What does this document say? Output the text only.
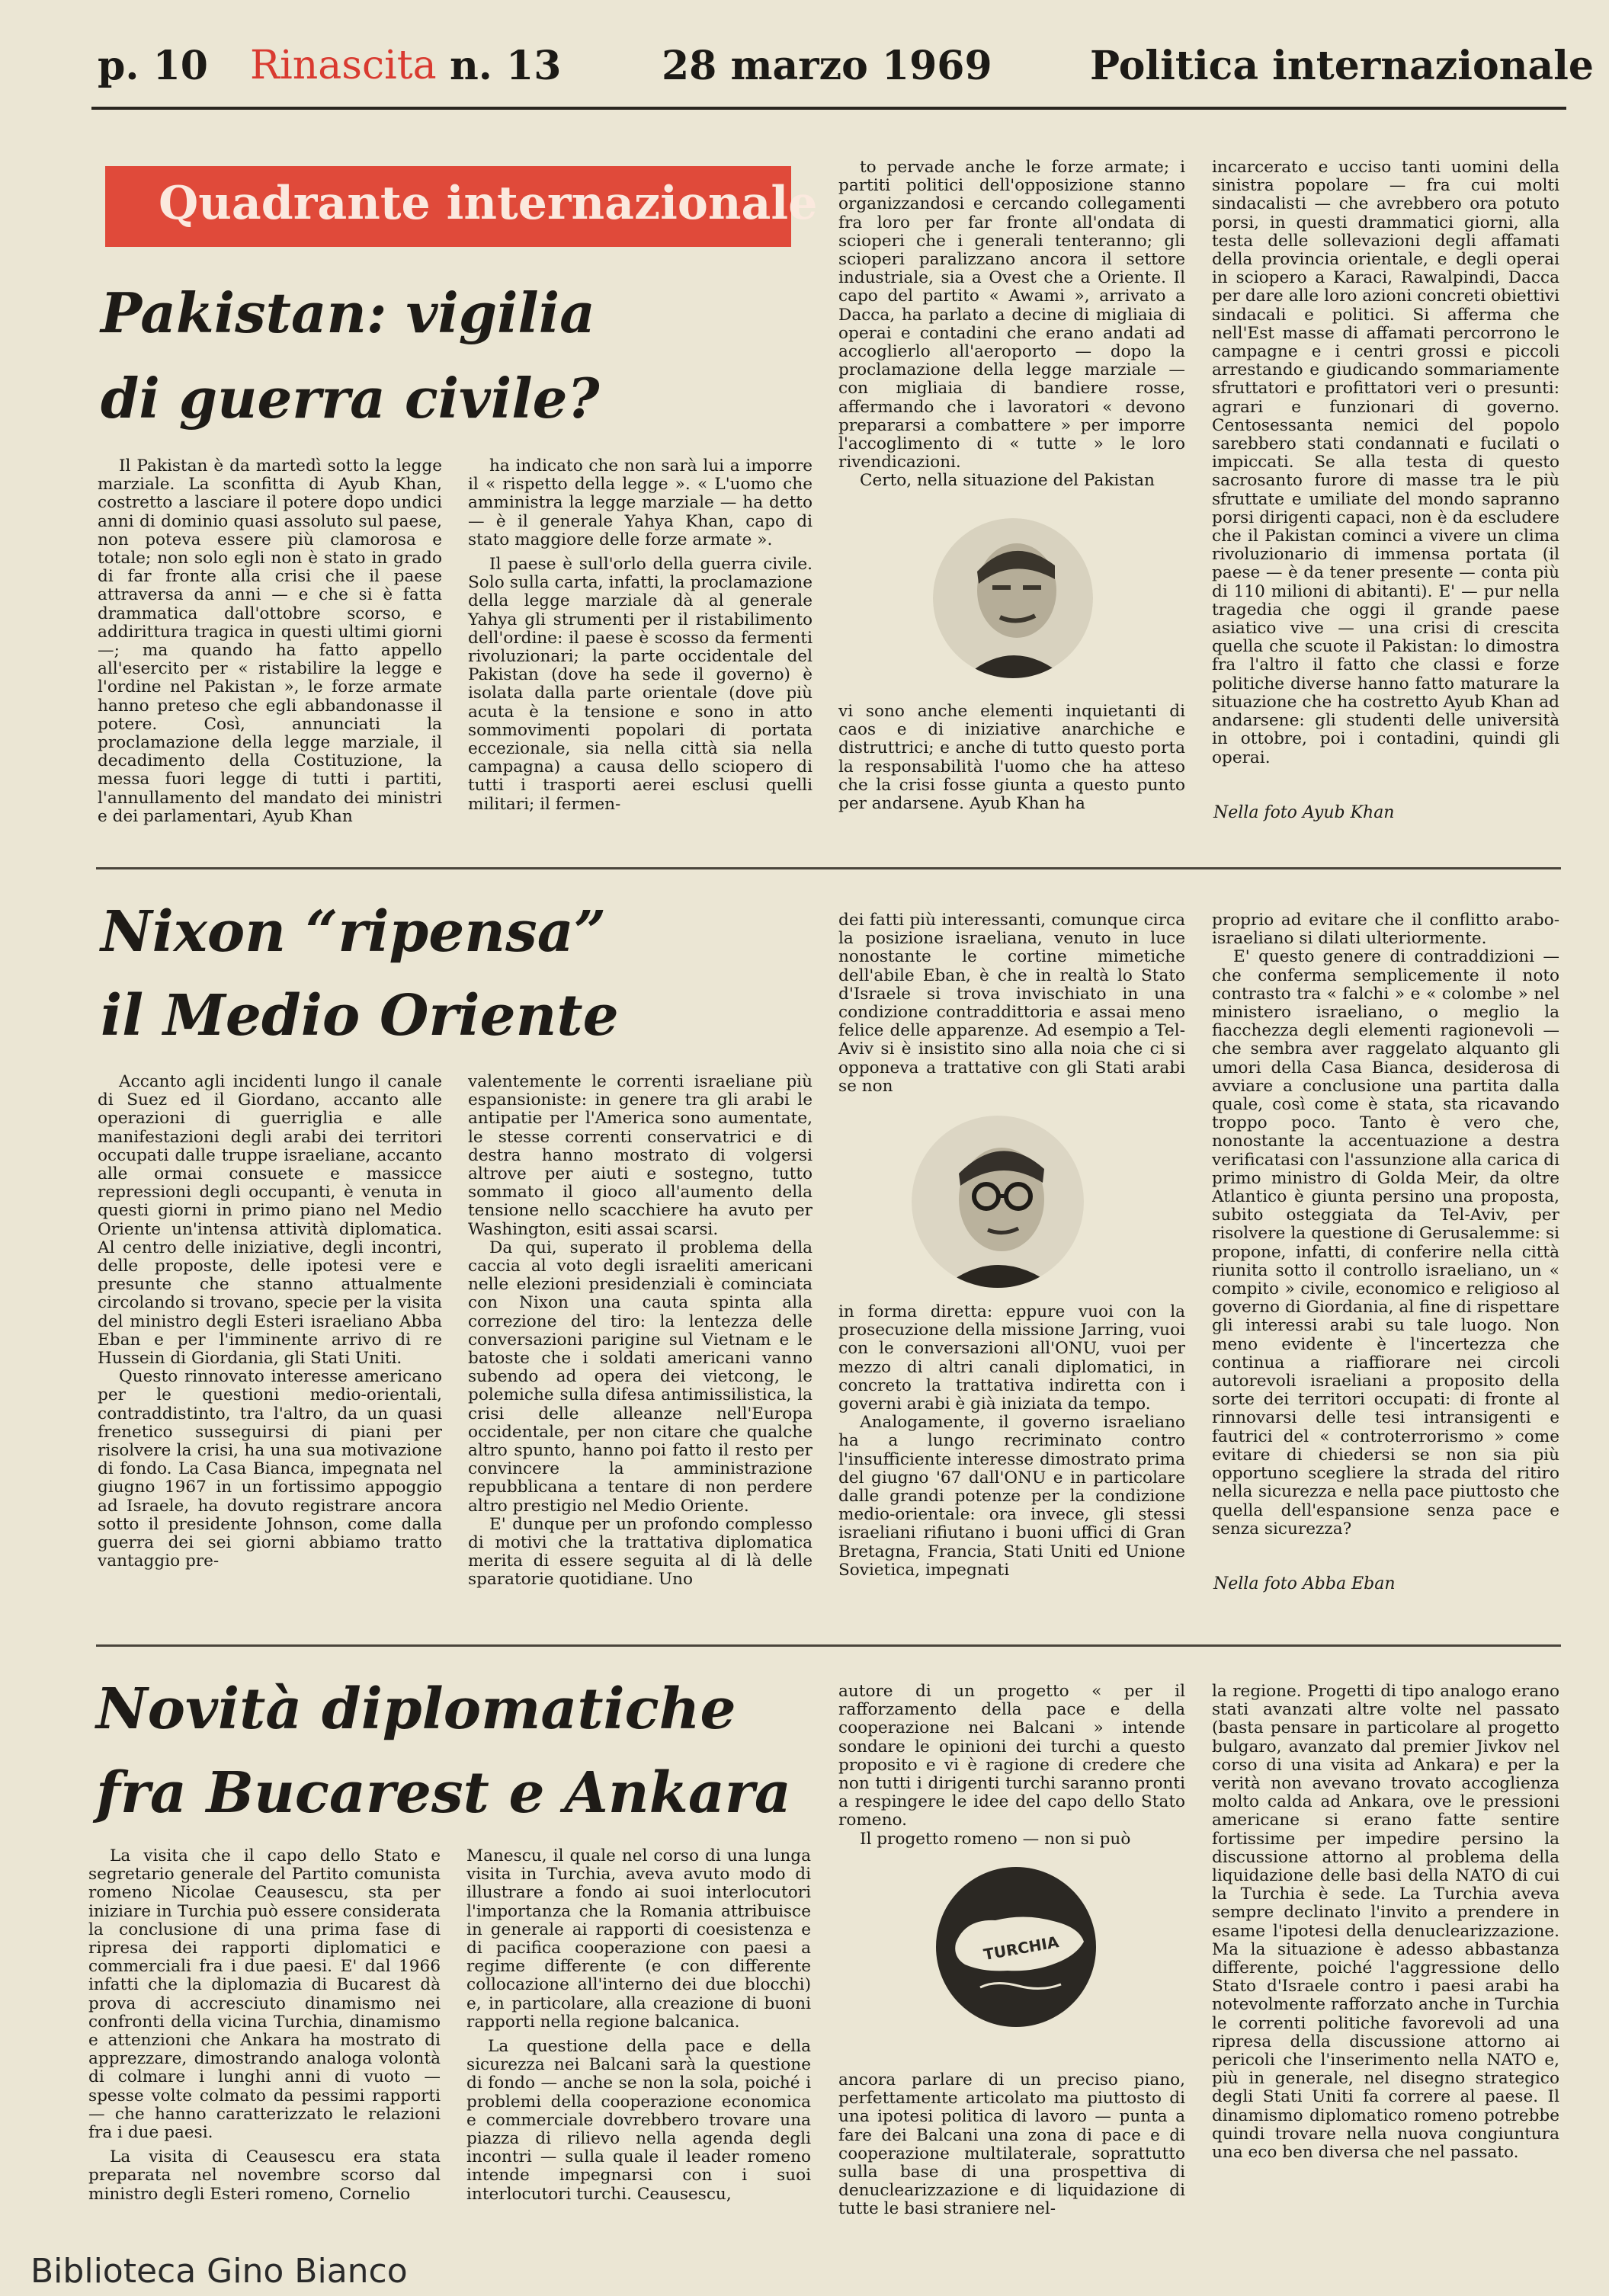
p. 10 Rinascita n. 13	28 marzo 1969 Politica internazionale
Quadrante internazionale
Pakistan: vigilia
di guerra civile?

Il Pakistan è da martedì sotto la legge marziale. La sconfitta di Ayub Khan, costretto a lasciare il potere dopo undici anni di dominio quasi assoluto sul paese, non poteva essere più clamorosa e totale; non solo egli non è stato in grado di far fronte alla crisi che il paese attraversa da anni — e che si è fatta drammatica dall'ottobre scorso, e addirittura tragica in questi ultimi giorni —; ma quando ha fatto appello all'esercito per « ristabilire la legge e l'ordine nel Pakistan », le forze armate hanno preteso che egli abbandonasse il potere. Così, annunciati la proclamazione della legge marziale, il decadimento della Costituzione, la messa fuori legge di tutti i partiti, l'annullamento del mandato dei ministri e dei parlamentari, Ayub Khan

ha indicato che non sarà lui a imporre il « rispetto della legge ». « L'uomo che amministra la legge marziale — ha detto — è il generale Yahya Khan, capo di stato maggiore delle forze armate ».

Il paese è sull'orlo della guerra civile. Solo sulla carta, infatti, la proclamazione della legge marziale dà al generale Yahya gli strumenti per il ristabilimento dell'ordine: il paese è scosso da fermenti rivoluzionari; la parte occidentale del Pakistan (dove ha sede il governo) è isolata dalla parte orientale (dove più acuta è la tensione e sono in atto sommovimenti popolari di portata eccezionale, sia nella città sia nella campagna) a causa dello sciopero di tutti i trasporti aerei esclusi quelli militari; il fermen-

to pervade anche le forze armate; i partiti politici dell'opposizione stanno organizzandosi e cercando collegamenti fra loro per far fronte all'ondata di scioperi che i generali tenteranno; gli scioperi paralizzano ancora il settore industriale, sia a Ovest che a Oriente. Il capo del partito « Awami », arrivato a Dacca, ha parlato a decine di migliaia di operai e contadini che erano andati ad accoglierlo all'aeroporto — dopo la proclamazione della legge marziale — con migliaia di bandiere rosse, affermando che i lavoratori « devono prepararsi a combattere » per imporre l'accoglimento di « tutte » le loro rivendicazioni.

Certo, nella situazione del Pakistan

vi sono anche elementi inquietanti di caos e di iniziative anarchiche e distruttrici; e anche di tutto questo porta la responsabilità l'uomo che ha atteso che la crisi fosse giunta a questo punto per andarsene. Ayub Khan ha

incarcerato e ucciso tanti uomini della sinistra popolare — fra cui molti sindacalisti — che avrebbero ora potuto porsi, in questi drammatici giorni, alla testa delle sollevazioni degli affamati della provincia orientale, e degli operai in sciopero a Karaci, Rawalpindi, Dacca per dare alle loro azioni concreti obiettivi sindacali e politici. Si afferma che nell'Est masse di affamati percorrono le campagne e i centri grossi e piccoli arrestando e giudicando sommariamente sfruttatori e profittatori veri o presunti: agrari e funzionari di governo. Centosessanta nemici del popolo sarebbero stati condannati e fucilati o impiccati. Se alla testa di questo sacrosanto furore di masse tra le più sfruttate e umiliate del mondo sapranno porsi dirigenti capaci, non è da escludere che il Pakistan cominci a vivere un clima rivoluzionario di immensa portata (il paese — è da tener presente — conta più di 110 milioni di abitanti). E' — pur nella tragedia che oggi il grande paese asiatico vive — una crisi di crescita quella che scuote il Pakistan: lo dimostra fra l'altro il fatto che classi e forze politiche diverse hanno fatto maturare la situazione che ha costretto Ayub Khan ad andarsene: gli studenti delle università in ottobre, poi i contadini, quindi gli operai.

Nella foto Ayub Khan
Nixon “ripensa”
il Medio Oriente

Accanto agli incidenti lungo il canale di Suez ed il Giordano, accanto alle operazioni di guerriglia e alle manifestazioni degli arabi dei territori occupati dalle truppe israeliane, accanto alle ormai consuete e massicce repressioni degli occupanti, è venuta in questi giorni in primo piano nel Medio Oriente un'intensa attività diplomatica. Al centro delle iniziative, degli incontri, delle proposte, delle ipotesi vere e presunte che stanno attualmente circolando si trovano, specie per la visita del ministro degli Esteri israeliano Abba Eban e per l'imminente arrivo di re Hussein di Giordania, gli Stati Uniti.

Questo rinnovato interesse americano per le questioni medio-orientali, contraddistinto, tra l'altro, da un quasi frenetico susseguirsi di piani per risolvere la crisi, ha una sua motivazione di fondo. La Casa Bianca, impegnata nel giugno 1967 in un fortissimo appoggio ad Israele, ha dovuto registrare ancora sotto il presidente Johnson, come dalla guerra dei sei giorni abbiamo tratto vantaggio pre-

valentemente le correnti israeliane più espansioniste: in genere tra gli arabi le antipatie per l'America sono aumentate, le stesse correnti conservatrici e di destra hanno mostrato di volgersi altrove per aiuti e sostegno, tutto sommato il gioco all'aumento della tensione nello scacchiere ha avuto per Washington, esiti assai scarsi.

Da qui, superato il problema della caccia al voto degli israeliti americani nelle elezioni presidenziali è cominciata con Nixon una cauta spinta alla correzione del tiro: la lentezza delle conversazioni parigine sul Vietnam e le batoste che i soldati americani vanno subendo ad opera dei vietcong, le polemiche sulla difesa antimissilistica, la crisi delle alleanze nell'Europa occidentale, per non citare che qualche altro spunto, hanno poi fatto il resto per convincere la amministrazione repubblicana a tentare di non perdere altro prestigio nel Medio Oriente.

E' dunque per un profondo complesso di motivi che la trattativa diplomatica merita di essere seguita al di là delle sparatorie quotidiane. Uno

dei fatti più interessanti, comunque circa la posizione israeliana, venuto in luce nonostante le cortine mimetiche dell'abile Eban, è che in realtà lo Stato d'Israele si trova invischiato in una condizione contraddittoria e assai meno felice delle apparenze. Ad esempio a Tel-Aviv si è insistito sino alla noia che ci si opponeva a trattative con gli Stati arabi se non

in forma diretta: eppure vuoi con la prosecuzione della missione Jarring, vuoi con le conversazioni all'ONU, vuoi per mezzo di altri canali diplomatici, in concreto la trattativa indiretta con i governi arabi è già iniziata da tempo.

Analogamente, il governo israeliano ha a lungo recriminato contro l'insufficiente interesse dimostrato prima del giugno '67 dall'ONU e in particolare dalle grandi potenze per la condizione medio-orientale: ora invece, gli stessi israeliani rifiutano i buoni uffici di Gran Bretagna, Francia, Stati Uniti ed Unione Sovietica, impegnati

proprio ad evitare che il conflitto arabo-israeliano si dilati ulteriormente.

E' questo genere di contraddizioni — che conferma semplicemente il noto contrasto tra « falchi » e « colombe » nel ministero israeliano, o meglio la fiacchezza degli elementi ragionevoli — che sembra aver raggelato alquanto gli umori della Casa Bianca, desiderosa di avviare a conclusione una partita dalla quale, così come è stata, sta ricavando troppo poco. Tanto è vero che, nonostante la accentuazione a destra verificatasi con l'assunzione alla carica di primo ministro di Golda Meir, da oltre Atlantico è giunta persino una proposta, subito osteggiata da Tel-Aviv, per risolvere la questione di Gerusalemme: si propone, infatti, di conferire nella città riunita sotto il controllo israeliano, un « compito » civile, economico e religioso al governo di Giordania, al fine di rispettare gli interessi arabi su tale luogo. Non meno evidente è l'incertezza che continua a riaffiorare nei circoli autorevoli israeliani a proposito della sorte dei territori occupati: di fronte al rinnovarsi delle tesi intransigenti e fautrici del « controterrorismo » come evitare di chiedersi se non sia più opportuno scegliere la strada del ritiro nella sicurezza e nella pace piuttosto che quella dell'espansione senza pace e senza sicurezza?

Nella foto Abba Eban
Novità diplomatiche
fra Bucarest e Ankara

La visita che il capo dello Stato e segretario generale del Partito comunista romeno Nicolae Ceausescu, sta per iniziare in Turchia può essere considerata la conclusione di una prima fase di ripresa dei rapporti diplomatici e commerciali fra i due paesi. E' dal 1966 infatti che la diplomazia di Bucarest dà prova di accresciuto dinamismo nei confronti della vicina Turchia, dinamismo e attenzioni che Ankara ha mostrato di apprezzare, dimostrando analoga volontà di colmare i lunghi anni di vuoto — spesse volte colmato da pessimi rapporti — che hanno caratterizzato le relazioni fra i due paesi.

La visita di Ceausescu era stata preparata nel novembre scorso dal ministro degli Esteri romeno, Cornelio

Manescu, il quale nel corso di una lunga visita in Turchia, aveva avuto modo di illustrare a fondo ai suoi interlocutori l'importanza che la Romania attribuisce in generale ai rapporti di coesistenza e di pacifica cooperazione con paesi a regime differente (e con differente collocazione all'interno dei due blocchi) e, in particolare, alla creazione di buoni rapporti nella regione balcanica.

La questione della pace e della sicurezza nei Balcani sarà la questione di fondo — anche se non la sola, poiché i problemi della cooperazione economica e commerciale dovrebbero trovare una piazza di rilievo nella agenda degli incontri — sulla quale il leader romeno intende impegnarsi con i suoi interlocutori turchi. Ceausescu,

autore di un progetto « per il rafforzamento della pace e della cooperazione nei Balcani » intende sondare le opinioni dei turchi a questo proposito e vi è ragione di credere che non tutti i dirigenti turchi saranno pronti a respingere le idee del capo dello Stato romeno.

Il progetto romeno — non si può

TURCHIA

ancora parlare di un preciso piano, perfettamente articolato ma piuttosto di una ipotesi politica di lavoro — punta a fare dei Balcani una zona di pace e di cooperazione multilaterale, soprattutto sulla base di una prospettiva di denuclearizzazione e di liquidazione di tutte le basi straniere nel-

la regione. Progetti di tipo analogo erano stati avanzati altre volte nel passato (basta pensare in particolare al progetto bulgaro, avanzato dal premier Jivkov nel corso di una visita ad Ankara) e per la verità non avevano trovato accoglienza molto calda ad Ankara, ove le pressioni americane si erano fatte sentire fortissime per impedire persino la discussione attorno al problema della liquidazione delle basi della NATO di cui la Turchia è sede. La Turchia aveva sempre declinato l'invito a prendere in esame l'ipotesi della denuclearizzazione. Ma la situazione è adesso abbastanza differente, poiché l'aggressione dello Stato d'Israele contro i paesi arabi ha notevolmente rafforzato anche in Turchia le correnti politiche favorevoli ad una ripresa della discussione attorno ai pericoli che l'inserimento nella NATO e, più in generale, nel disegno strategico degli Stati Uniti fa correre al paese. Il dinamismo diplomatico romeno potrebbe quindi trovare nella nuova congiuntura una eco ben diversa che nel passato.

Biblioteca Gino Bianco
